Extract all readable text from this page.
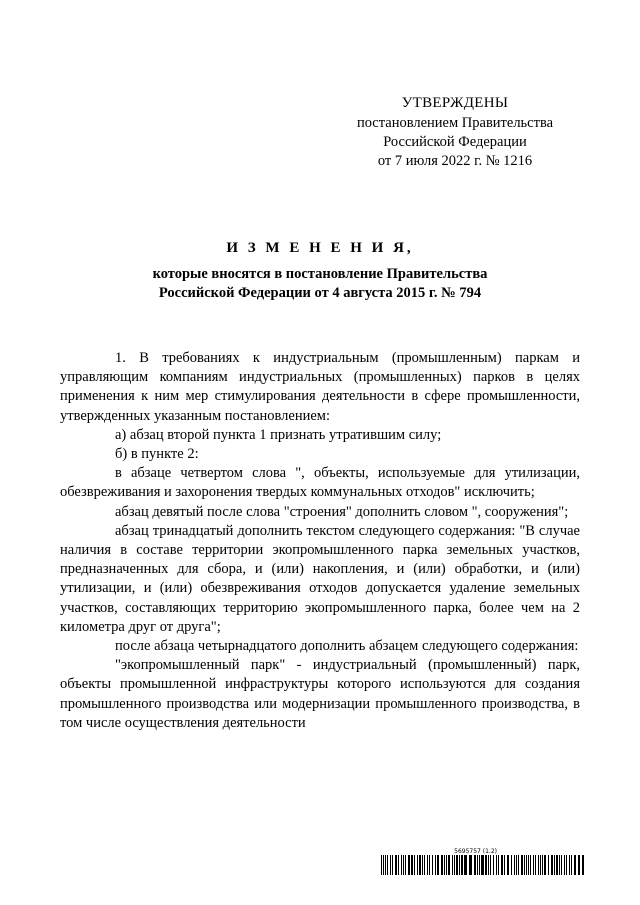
УТВЕРЖДЕНЫ
постановлением Правительства
Российской Федерации
от 7 июля 2022 г. № 1216
И З М Е Н Е Н И Я,
которые вносятся в постановление Правительства
Российской Федерации от 4 августа 2015 г. № 794

1. В требованиях к индустриальным (промышленным) паркам и управляющим компаниям индустриальных (промышленных) парков в целях применения к ним мер стимулирования деятельности в сфере промышленности, утвержденных указанным постановлением:

а) абзац второй пункта 1 признать утратившим силу;

б) в пункте 2:

в абзаце четвертом слова ", объекты, используемые для утилизации, обезвреживания и захоронения твердых коммунальных отходов" исключить;

абзац девятый после слова "строения" дополнить словом ", сооружения";

абзац тринадцатый дополнить текстом следующего содержания: "В случае наличия в составе территории экопромышленного парка земельных участков, предназначенных для сбора, и (или) накопления, и (или) обработки, и (или) утилизации, и (или) обезвреживания отходов допускается удаление земельных участков, составляющих территорию экопромышленного парка, более чем на 2 километра друг от друга";

после абзаца четырнадцатого дополнить абзацем следующего содержания:

"экопромышленный парк" - индустриальный (промышленный) парк, объекты промышленной инфраструктуры которого используются для создания промышленного производства или модернизации промышленного производства, в том числе осуществления деятельности

5695757 (1.2)
